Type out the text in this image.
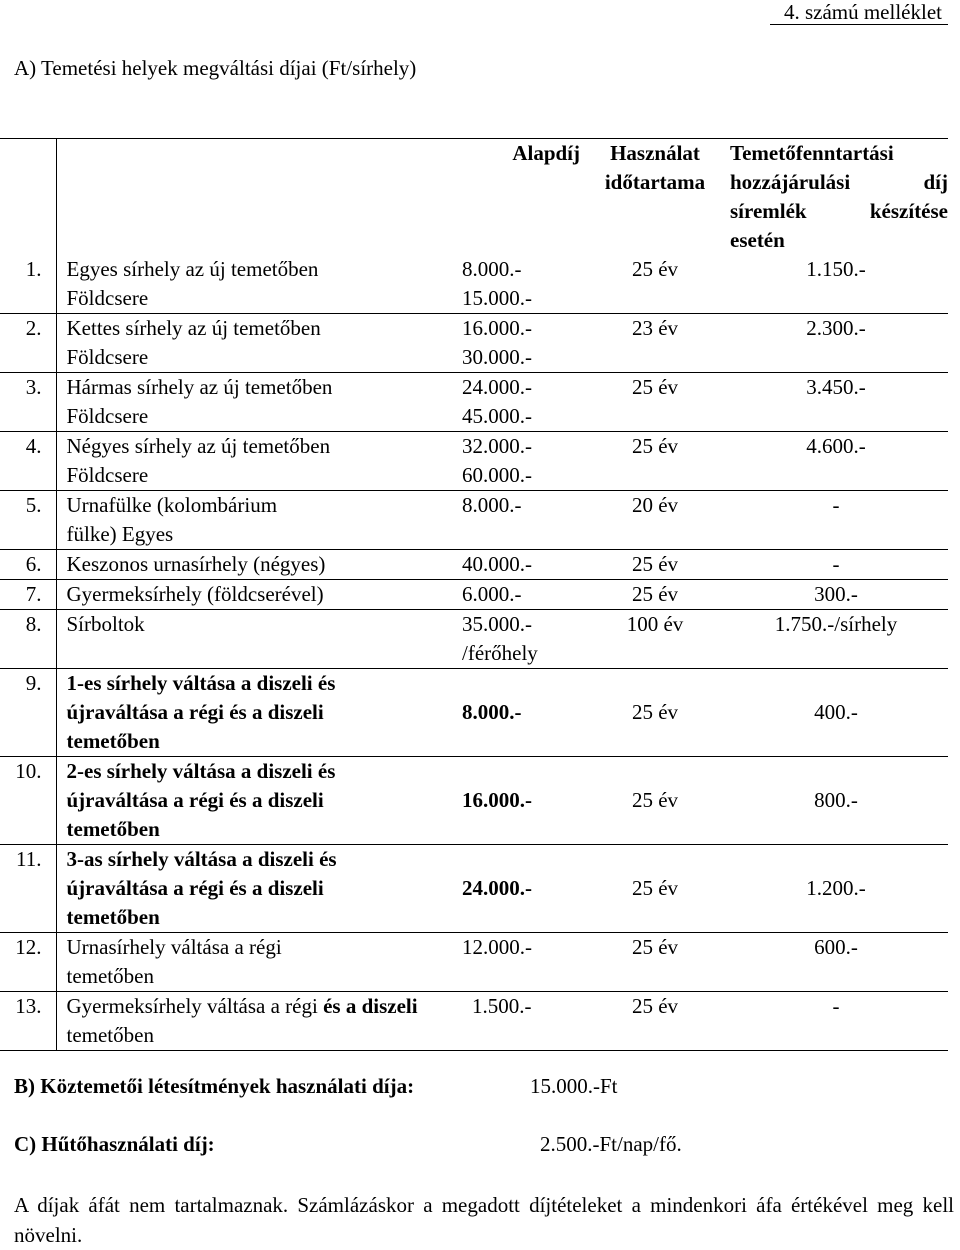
4. számú melléklet
A) Temetési helyek megváltási díjai (Ft/sírhely)
		Alapdíj	Használat időtartama	Temetőfenntartási hozzájárulási díj síremlék készítése esetén
1.	Egyes sírhely az új temetőben	8.000.-	25 év	1.150.-
	Földcsere	15.000.-		
2.	Kettes sírhely az új temetőben	16.000.-	23 év	2.300.-
	Földcsere	30.000.-		
3.	Hármas sírhely az új temetőben	24.000.-	25 év	3.450.-
	Földcsere	45.000.-		
4.	Négyes sírhely az új temetőben	32.000.-	25 év	4.600.-
	Földcsere	60.000.-		
5.	Urnafülke (kolombárium fülke) Egyes	8.000.-	20 év	-
6.	Keszonos urnasírhely (négyes)	40.000.-	25 év	-
7.	Gyermeksírhely (földcserével)	6.000.-	25 év	300.-
8.	Sírboltok	35.000.- /férőhely	100 év	1.750.-/sírhely
9.	1-es sírhely váltása a diszeli és újraváltása a régi és a diszeli temetőben	8.000.-	25 év	400.-
10.	2-es sírhely váltása a diszeli és újraváltása a régi és a diszeli temetőben	16.000.-	25 év	800.-
11.	3-as sírhely váltása a diszeli és újraváltása a régi és a diszeli temetőben	24.000.-	25 év	1.200.-
12.	Urnasírhely váltása a régi temetőben	12.000.-	25 év	600.-
13.	Gyermeksírhely váltása a régi és a diszeli temetőben	1.500.-	25 év	-
B) Köztemetői létesítmények használati díja:	15.000.-Ft
C) Hűtőhasználati díj:	2.500.-Ft/nap/fő.
A díjak áfát nem tartalmaznak. Számlázáskor a megadott díjtételeket a mindenkori áfa értékével meg kell növelni.
